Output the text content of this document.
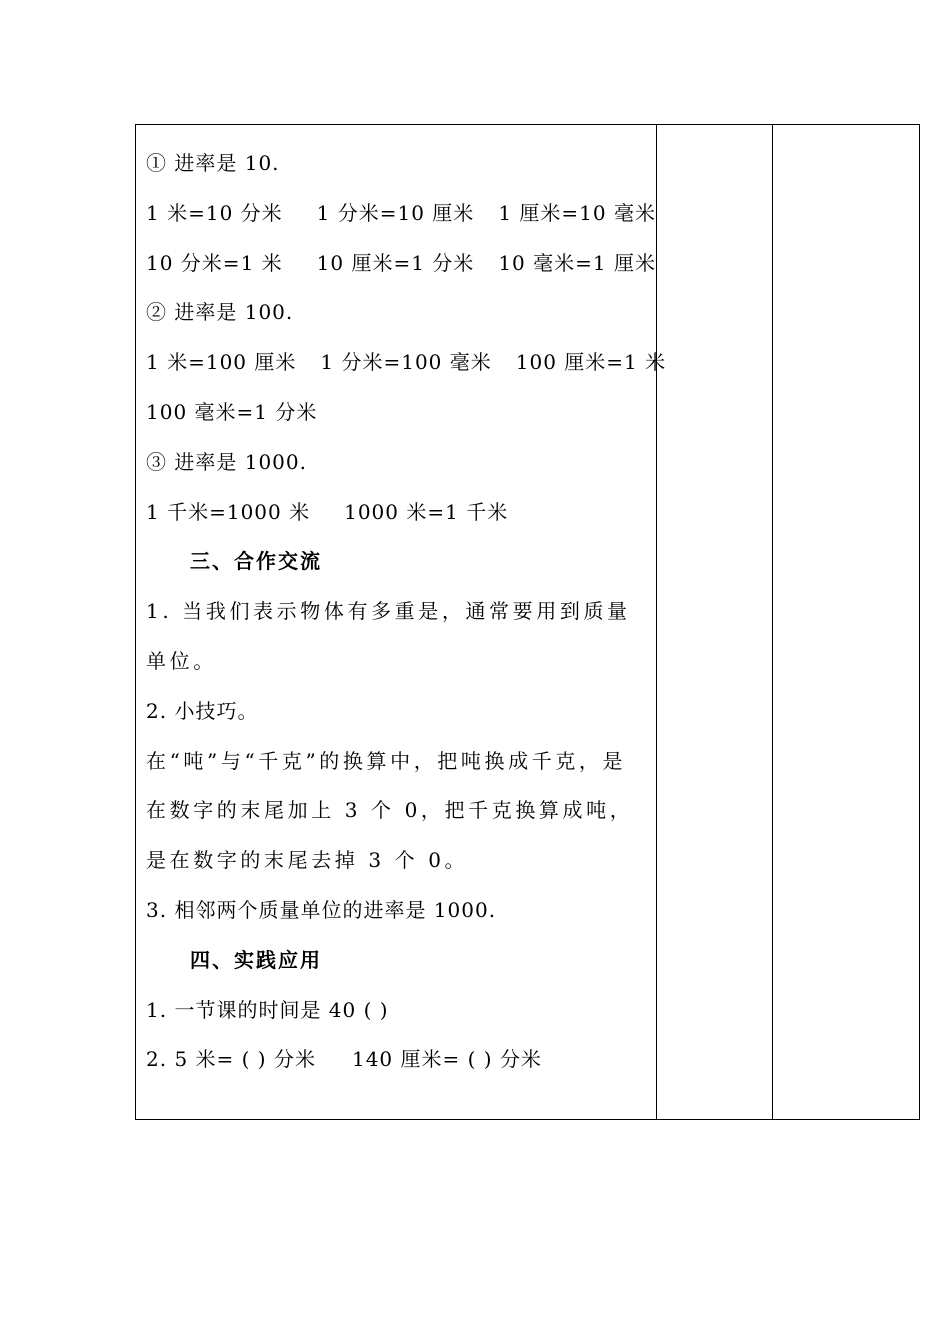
① 进率是 10.
1 米=10 分米 1 分米=10 厘米 1 厘米=10 毫米
10 分米=1 米 10 厘米=1 分米 10 毫米=1 厘米
② 进率是 100.
1 米=100 厘米 1 分米=100 毫米 100 厘米=1 米
100 毫米=1 分米
③ 进率是 1000.
1 千米=1000 米 1000 米=1 千米
三、合作交流
1. 当我们表示物体有多重是，通常要用到质量单位。
2. 小技巧。
在“吨”与“千克”的换算中，把吨换成千克，是在数字的末尾加上 3 个 0，把千克换算成吨，是在数字的末尾去掉 3 个 0。
3. 相邻两个质量单位的进率是 1000.
四、实践应用
1. 一节课的时间是 40 ( )
2. 5 米= ( ) 分米 140 厘米= ( ) 分米
